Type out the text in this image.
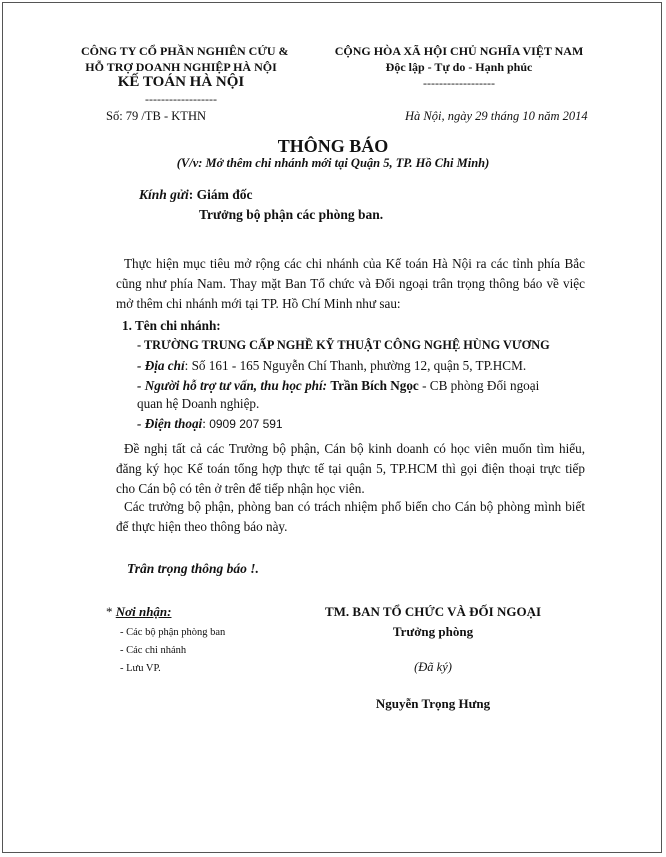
CÔNG TY CỔ PHẦN NGHIÊN CỨU &
HỖ TRỢ DOANH NGHIỆP HÀ NỘI
KẾ TOÁN HÀ NỘI
------------------
Số: 79 /TB - KTHN
CỘNG HÒA XÃ HỘI CHỦ NGHĨA VIỆT NAM
Độc lập - Tự do - Hạnh phúc
------------------
Hà Nội, ngày 29 tháng 10 năm 2014
THÔNG BÁO
(V/v: Mở thêm chi nhánh mới tại Quận 5, TP. Hồ Chi Minh)
Kính gửi: Giám đốc
Trưởng bộ phận các phòng ban.
Thực hiện mục tiêu mở rộng các chi nhánh của Kế toán Hà Nội ra các tỉnh phía Bắc cũng như phía Nam. Thay mặt Ban Tổ chức và Đối ngoại trân trọng thông báo về việc mở thêm chi nhánh mới tại TP. Hồ Chí Minh như sau:
1. Tên chi nhánh:
- TRƯỜNG TRUNG CẤP NGHỀ KỸ THUẬT CÔNG NGHỆ HÙNG VƯƠNG
- Địa chỉ: Số 161 - 165 Nguyễn Chí Thanh, phường 12, quận 5, TP.HCM.
- Người hỗ trợ tư vấn, thu học phí: Trần Bích Ngọc - CB phòng Đối ngoại
quan hệ Doanh nghiệp.
- Điện thoại: 0909 207 591
Đề nghị tất cả các Trưởng bộ phận, Cán bộ kinh doanh có học viên muốn tìm hiểu, đăng ký học Kế toán tổng hợp thực tế tại quận 5, TP.HCM thì gọi điện thoại trực tiếp cho Cán bộ có tên ở trên để tiếp nhận học viên.
Các trưởng bộ phận, phòng ban có trách nhiệm phổ biến cho Cán bộ phòng mình biết để thực hiện theo thông báo này.
Trân trọng thông báo !.
* Nơi nhận:
- Các bộ phận phòng ban
- Các chi nhánh
- Lưu VP.
TM. BAN TỔ CHỨC VÀ ĐỐI NGOẠI
Trưởng phòng
(Đã ký)
Nguyễn Trọng Hưng
